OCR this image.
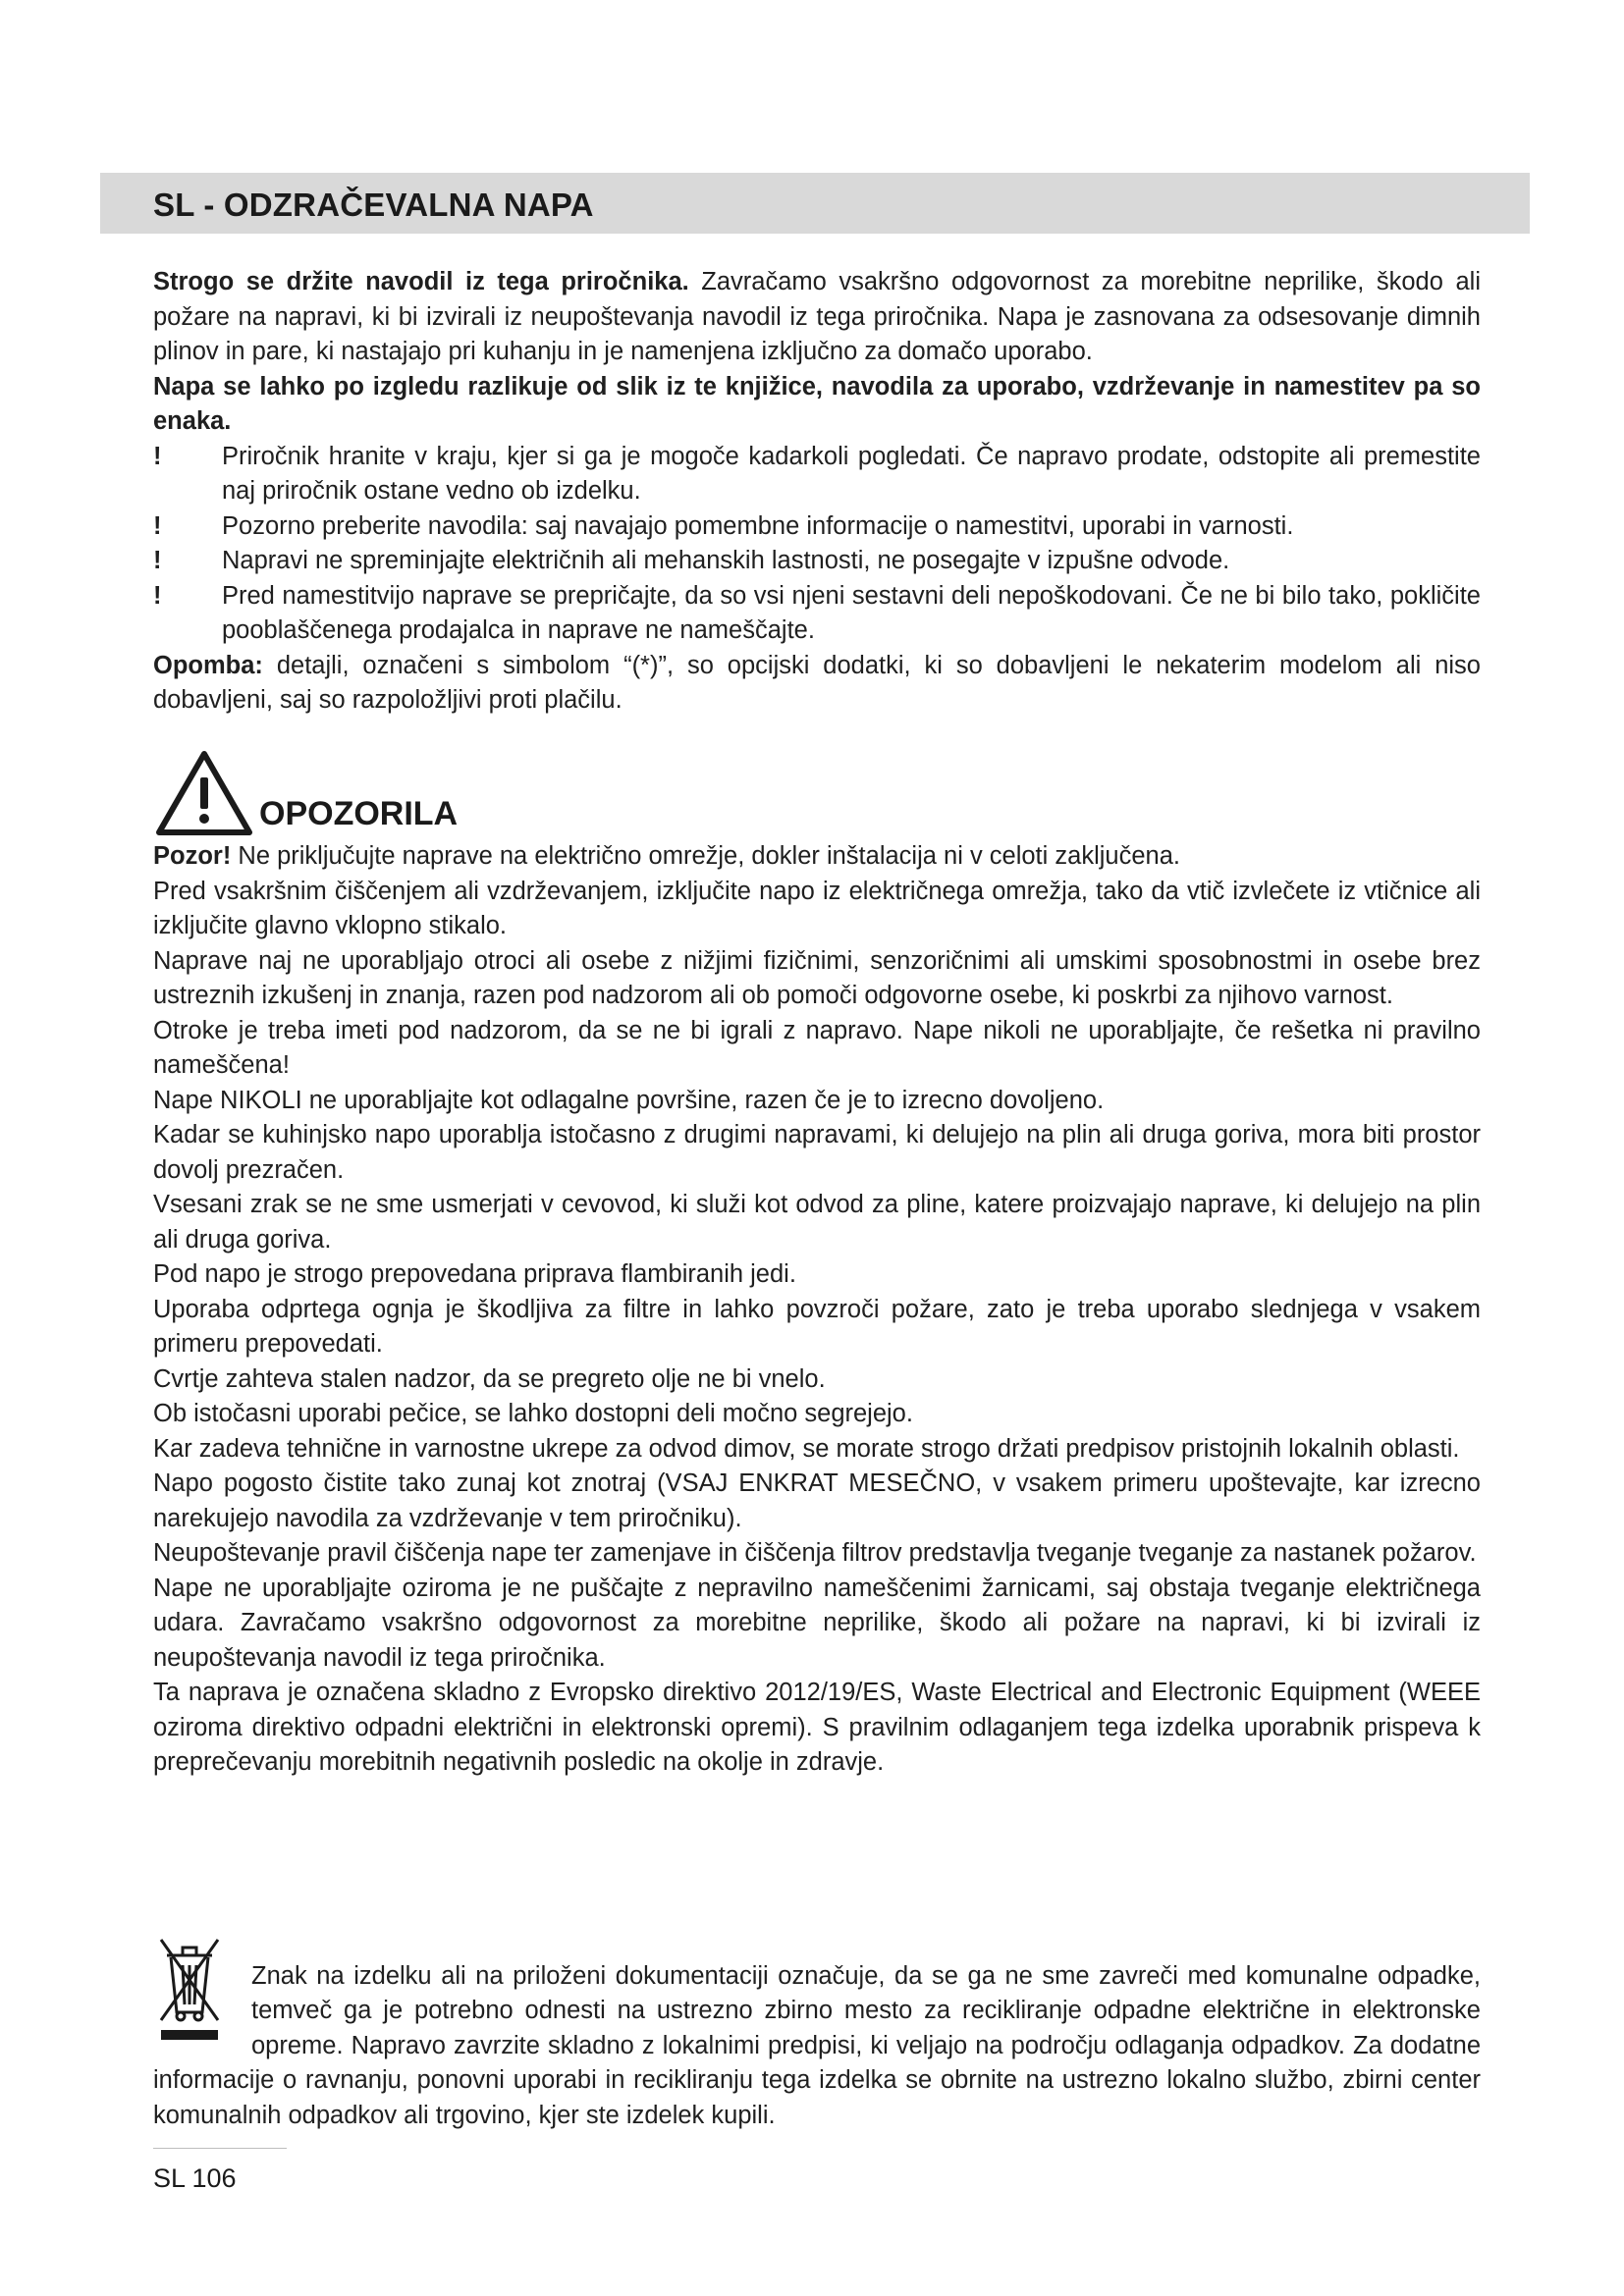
SL - ODZRAČEVALNA NAPA

Strogo se držite navodil iz tega priročnika. Zavračamo vsakršno odgovornost za morebitne neprilike, škodo ali požare na napravi, ki bi izvirali iz neupoštevanja navodil iz tega priročnika. Napa je zasnovana za odsesovanje dimnih plinov in pare, ki nastajajo pri kuhanju in je namenjena izključno za domačo uporabo.

Napa se lahko po izgledu razlikuje od slik iz te knjižice, navodila za uporabo, vzdrževanje in namestitev pa so enaka.

! Priročnik hranite v kraju, kjer si ga je mogoče kadarkoli pogledati. Če napravo prodate, odstopite ali premestite naj priročnik ostane vedno ob izdelku.
! Pozorno preberite navodila: saj navajajo pomembne informacije o namestitvi, uporabi in varnosti.
! Napravi ne spreminjajte električnih ali mehanskih lastnosti, ne posegajte v izpušne odvode.
! Pred namestitvijo naprave se prepričajte, da so vsi njeni sestavni deli nepoškodovani. Če ne bi bilo tako, pokličite pooblaščenega prodajalca in naprave ne nameščajte.

Opomba: detajli, označeni s simbolom “(*)”, so opcijski dodatki, ki so dobavljeni le nekaterim modelom ali niso dobavljeni, saj so razpoložljivi proti plačilu.

OPOZORILA

Pozor! Ne priključujte naprave na električno omrežje, dokler inštalacija ni v celoti zaključena.

Pred vsakršnim čiščenjem ali vzdrževanjem, izključite napo iz električnega omrežja, tako da vtič izvlečete iz vtičnice ali izključite glavno vklopno stikalo.

Naprave naj ne uporabljajo otroci ali osebe z nižjimi fizičnimi, senzoričnimi ali umskimi sposobnostmi in osebe brez ustreznih izkušenj in znanja, razen pod nadzorom ali ob pomoči odgovorne osebe, ki poskrbi za njihovo varnost.

Otroke je treba imeti pod nadzorom, da se ne bi igrali z napravo. Nape nikoli ne uporabljajte, če rešetka ni pravilno nameščena!

Nape NIKOLI ne uporabljajte kot odlagalne površine, razen če je to izrecno dovoljeno.

Kadar se kuhinjsko napo uporablja istočasno z drugimi napravami, ki delujejo na plin ali druga goriva, mora biti prostor dovolj prezračen.

Vsesani zrak se ne sme usmerjati v cevovod, ki služi kot odvod za pline, katere proizvajajo naprave, ki delujejo na plin ali druga goriva.

Pod napo je strogo prepovedana priprava flambiranih jedi.

Uporaba odprtega ognja je škodljiva za filtre in lahko povzroči požare, zato je treba uporabo slednjega v vsakem primeru prepovedati.

Cvrtje zahteva stalen nadzor, da se pregreto olje ne bi vnelo.

Ob istočasni uporabi pečice, se lahko dostopni deli močno segrejejo.

Kar zadeva tehnične in varnostne ukrepe za odvod dimov, se morate strogo držati predpisov pristojnih lokalnih oblasti.

Napo pogosto čistite tako zunaj kot znotraj (VSAJ ENKRAT MESEČNO, v vsakem primeru upoštevajte, kar izrecno narekujejo navodila za vzdrževanje v tem priročniku).

Neupoštevanje pravil čiščenja nape ter zamenjave in čiščenja filtrov predstavlja tveganje tveganje za nastanek požarov.

Nape ne uporabljajte oziroma je ne puščajte z nepravilno nameščenimi žarnicami, saj obstaja tveganje električnega udara. Zavračamo vsakršno odgovornost za morebitne neprilike, škodo ali požare na napravi, ki bi izvirali iz neupoštevanja navodil iz tega priročnika.

Ta naprava je označena skladno z Evropsko direktivo 2012/19/ES, Waste Electrical and Electronic Equipment (WEEE oziroma direktivo odpadni električni in elektronski opremi). S pravilnim odlaganjem tega izdelka uporabnik prispeva k preprečevanju morebitnih negativnih posledic na okolje in zdravje.

Znak na izdelku ali na priloženi dokumentaciji označuje, da se ga ne sme zavreči med komunalne odpadke, temveč ga je potrebno odnesti na ustrezno zbirno mesto za recikliranje odpadne električne in elektronske opreme. Napravo zavrzite skladno z lokalnimi predpisi, ki veljajo na področju odlaganja odpadkov. Za dodatne informacije o ravnanju, ponovni uporabi in recikliranju tega izdelka se obrnite na ustrezno lokalno službo, zbirni center komunalnih odpadkov ali trgovino, kjer ste izdelek kupili.

SL 106
